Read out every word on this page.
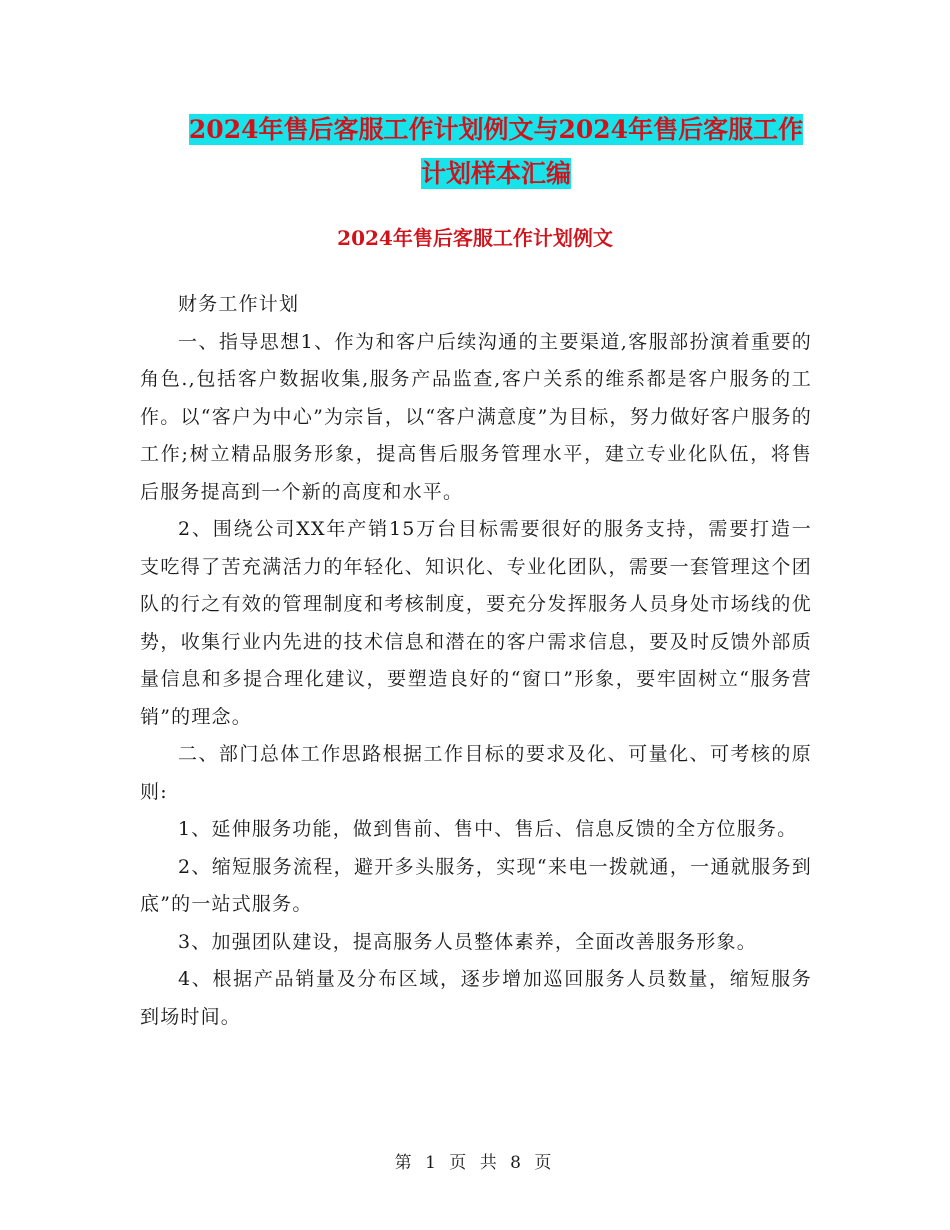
2024年售后客服工作计划例文与2024年售后客服工作
计划样本汇编
2024年售后客服工作计划例文

财务工作计划

一、指导思想1、作为和客户后续沟通的主要渠道,客服部扮演着重要的角色.,包括客户数据收集,服务产品监查,客户关系的维系都是客户服务的工作。以“客户为中心”为宗旨，以“客户满意度”为目标，努力做好客户服务的工作;树立精品服务形象，提高售后服务管理水平，建立专业化队伍，将售后服务提高到一个新的高度和水平。

2、围绕公司XX年产销15万台目标需要很好的服务支持，需要打造一支吃得了苦充满活力的年轻化、知识化、专业化团队，需要一套管理这个团队的行之有效的管理制度和考核制度，要充分发挥服务人员身处市场线的优势，收集行业内先进的技术信息和潜在的客户需求信息，要及时反馈外部质量信息和多提合理化建议，要塑造良好的“窗口”形象，要牢固树立“服务营销”的理念。

二、部门总体工作思路根据工作目标的要求及化、可量化、可考核的原则:

1、延伸服务功能，做到售前、售中、售后、信息反馈的全方位服务。

2、缩短服务流程，避开多头服务，实现“来电一拨就通，一通就服务到底”的一站式服务。

3、加强团队建设，提高服务人员整体素养，全面改善服务形象。

4、根据产品销量及分布区域，逐步增加巡回服务人员数量，缩短服务到场时间。

第 1 页 共 8 页
